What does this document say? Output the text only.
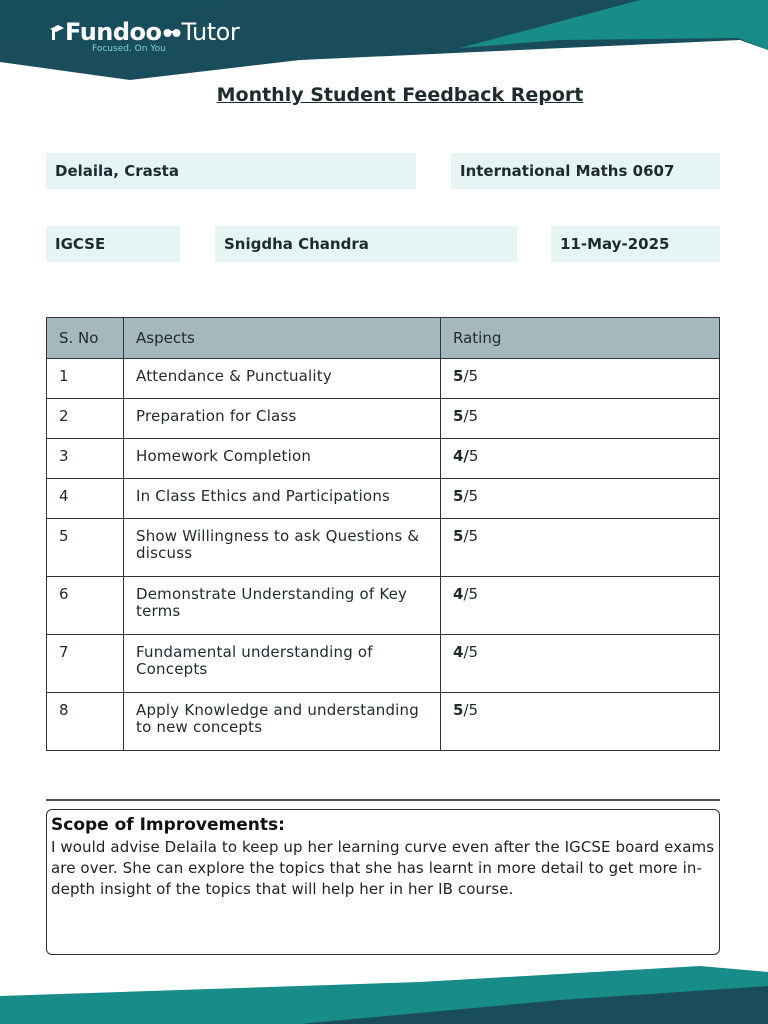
Fundoo Tutor
Focused. On You
Monthly Student Feedback Report
Delaila, Crasta	International Maths 0607
IGCSE	Snigdha Chandra	11-May-2025
S. No	Aspects	Rating
1	Attendance & Punctuality	5/5
2	Preparation for Class	5/5
3	Homework Completion	4/5
4	In Class Ethics and Participations	5/5
5	Show Willingness to ask Questions & discuss	5/5
6	Demonstrate Understanding of Key terms	4/5
7	Fundamental understanding of Concepts	4/5
8	Apply Knowledge and understanding to new concepts	5/5
Scope of Improvements:
I would advise Delaila to keep up her learning curve even after the IGCSE board exams are over. She can explore the topics that she has learnt in more detail to get more in-depth insight of the topics that will help her in her IB course.
